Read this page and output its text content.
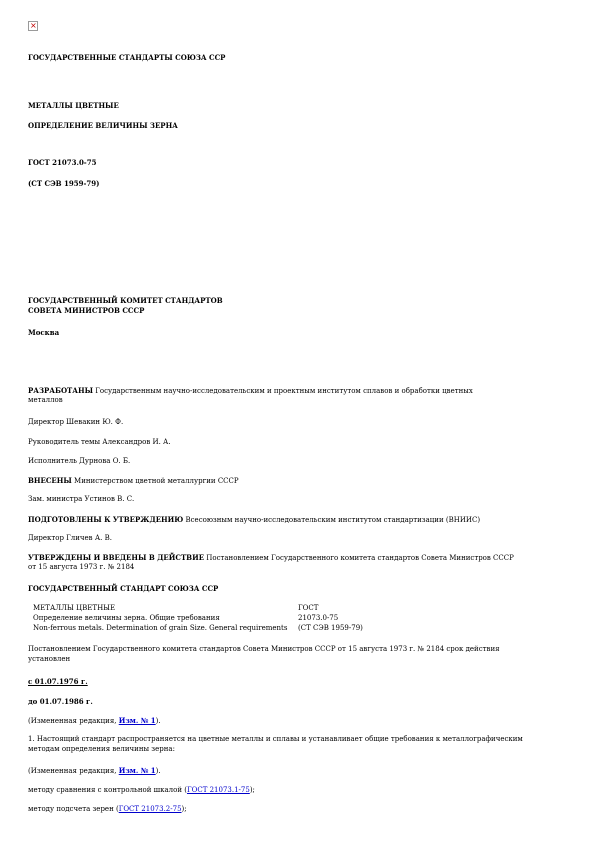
×
ГОСУДАРСТВЕННЫЕ СТАНДАРТЫ СОЮЗА ССР
МЕТАЛЛЫ ЦВЕТНЫЕ
ОПРЕДЕЛЕНИЕ ВЕЛИЧИНЫ ЗЕРНА
ГОСТ 21073.0-75
(СТ СЭВ 1959-79)
ГОСУДАРСТВЕННЫЙ КОМИТЕТ СТАНДАРТОВ
СОВЕТА МИНИСТРОВ СССР
Москва
РАЗРАБОТАНЫ Государственным научно-исследовательским и проектным институтом сплавов и обработки цветных
металлов
Директор Шевакин Ю. Ф.
Руководитель темы Александров И. А.
Исполнитель Дурнова О. Б.
ВНЕСЕНЫ Министерством цветной металлургии СССР
Зам. министра Устинов В. С.
ПОДГОТОВЛЕНЫ К УТВЕРЖДЕНИЮ Всесоюзным научно-исследовательским институтом стандартизации (ВНИИС)
Директор Гличев А. В.
УТВЕРЖДЕНЫ И ВВЕДЕНЫ В ДЕЙСТВИЕ Постановлением Государственного комитета стандартов Совета Министров СССР
от 15 августа 1973 г. № 2184
ГОСУДАРСТВЕННЫЙ СТАНДАРТ СОЮЗА ССР
МЕТАЛЛЫ ЦВЕТНЫЕ
Определение величины зерна. Общие требования
Non-ferrous metals. Determination of grain Size. General requirements
ГОСТ
21073.0-75
(СТ СЭВ 1959-79)
Постановлением Государственного комитета стандартов Совета Министров СССР от 15 августа 1973 г. № 2184 срок действия
установлен
с 01.07.1976 г.
до 01.07.1986 г.
(Измененная редакция, Изм. № 1).
1. Настоящий стандарт распространяется на цветные металлы и сплавы и устанавливает общие требования к металлографическим
методам определения величины зерна:
(Измененная редакция, Изм. № 1).
методу сравнения с контрольной шкалой (ГОСТ 21073.1-75);
методу подсчета зерен (ГОСТ 21073.2-75);
